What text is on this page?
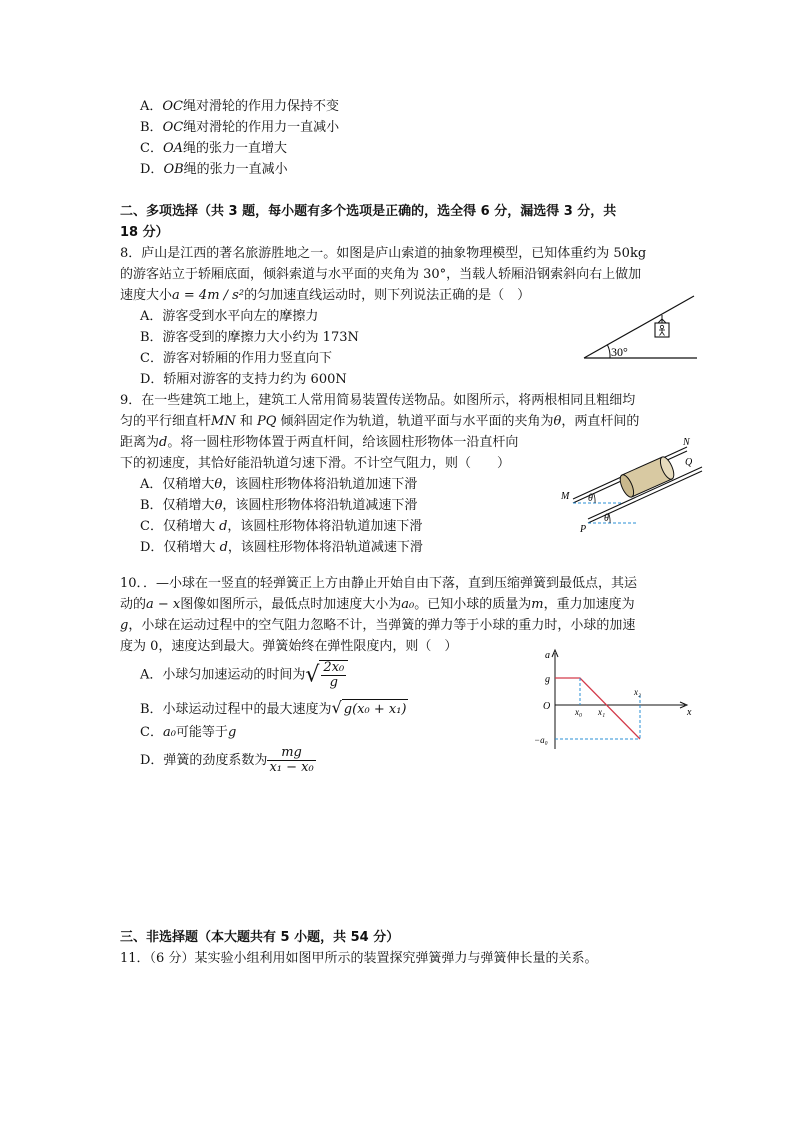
A．OC绳对滑轮的作用力保持不变
B．OC绳对滑轮的作用力一直减小
C．OA绳的张力一直增大
D．OB绳的张力一直减小
二、多项选择（共 3 题，每小题有多个选项是正确的，选全得 6 分，漏选得 3 分，共
18 分）
8．庐山是江西的著名旅游胜地之一。如图是庐山索道的抽象物理模型，已知体重约为 50kg
的游客站立于轿厢底面，倾斜索道与水平面的夹角为 30°，当载人轿厢沿钢索斜向右上做加
速度大小a = 4m / s²的匀加速直线运动时，则下列说法正确的是（　）
A．游客受到水平向左的摩擦力
B．游客受到的摩擦力大小约为 173N
C．游客对轿厢的作用力竖直向下
D．轿厢对游客的支持力约为 600N
30°
9．在一些建筑工地上，建筑工人常用简易装置传送物品。如图所示，将两根相同且粗细均
匀的平行细直杆MN 和 PQ 倾斜固定作为轨道，轨道平面与水平面的夹角为θ，两直杆间的
距离为d。将一圆柱形物体置于两直杆间，给该圆柱形物体一沿直杆向
下的初速度，其恰好能沿轨道匀速下滑。不计空气阻力，则（　　）
A．仅稍增大θ，该圆柱形物体将沿轨道加速下滑
B．仅稍增大θ，该圆柱形物体将沿轨道减速下滑
C．仅稍增大 d，该圆柱形物体将沿轨道加速下滑
D．仅稍增大 d，该圆柱形物体将沿轨道减速下滑
N
Q
M
P
θ
θ
10．．—小球在一竖直的轻弹簧正上方由静止开始自由下落，直到压缩弹簧到最低点，其运
动的a − x图像如图所示，最低点时加速度大小为a₀。已知小球的质量为m，重力加速度为
g，小球在运动过程中的空气阻力忽略不计，当弹簧的弹力等于小球的重力时，小球的加速
度为 0，速度达到最大。弹簧始终在弹性限度内，则（　）
A．小球匀加速运动的时间为√ $\frac{\text{2x₀}}{g}$
B．小球运动过程中的最大速度为√ g(x₀ + x₁)
C．a₀可能等于g
D．弹簧的劲度系数为 $\frac{mg}{\text{x₁ − x₀}}$
a
g
O
x
x₀ x₁
x₂
−a₀
三、非选择题（本大题共有 5 小题，共 54 分）
11．（6 分）某实验小组利用如图甲所示的装置探究弹簧弹力与弹簧伸长量的关系。
